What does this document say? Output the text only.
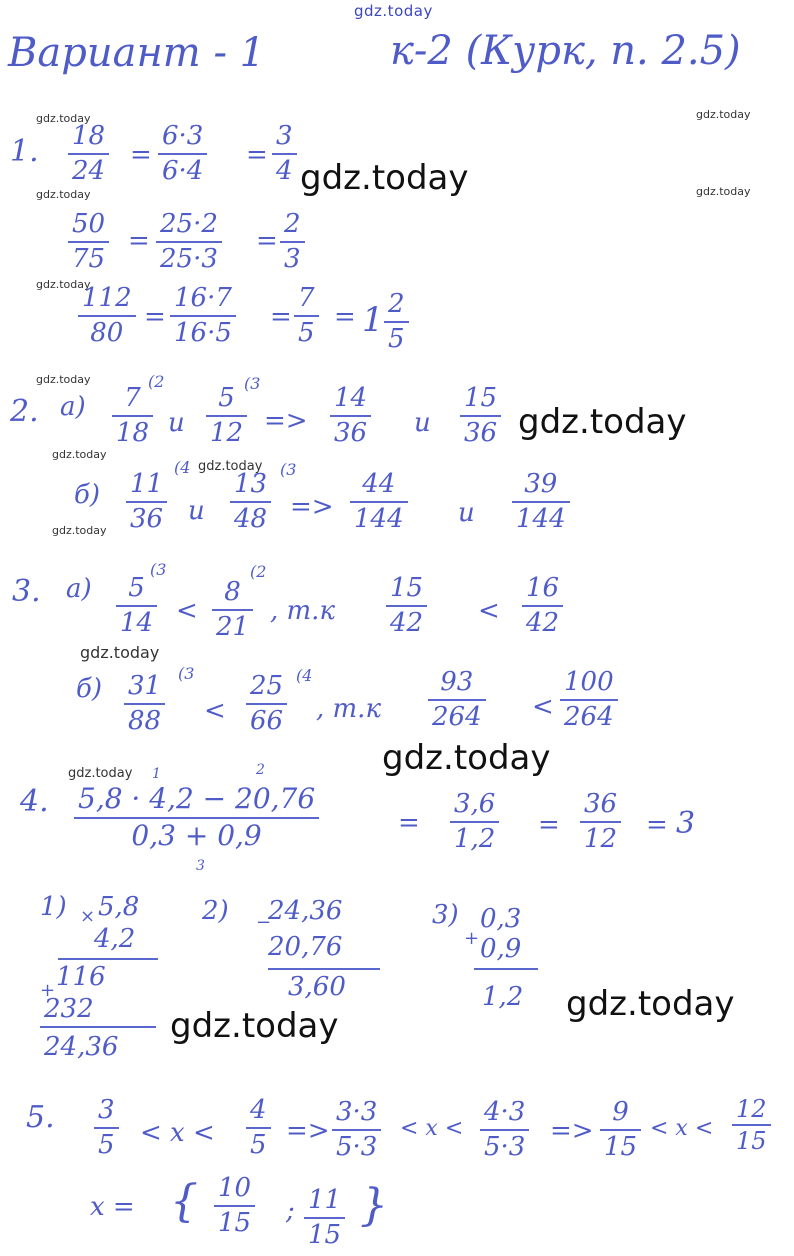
gdz.today
Вариант - 1	к-2 (Курк, п. 2.5)
gdz.today	gdz.today
gdz.today	gdz.today
gdz.today
gdz.today
gdz.today
gdz.today
gdz.today
gdz.today
gdz.today
gdz.today
gdz.today
gdz.today
gdz.today
gdz.today
1. 18
24
=
6·3
6·4
=
3
4
50
75
=
25·2
25·3
=
2
3
112
80
=
16·7
16·5
=
7
5
= 1 2
5
2. а) 7
18
(2
и
5
12
(3
=>
14
36 и
15
36
б) 11
36
(4
и
13
48
(3
=>
44
144 и
39
144
3. а) 5
14
(3
<
8
21
(2
, т.к
15
42 <
16
42
б) 31
88
(3
<
25
66
(4
, т.к
93
264 <
100
264
4.
1	2
5,8 · 4,2 − 20,76
0,3 + 0,9
3
=
3,6
1,2 =
36
12 = 3
1) × 5,8
4,2
116
+
232
24,36
2) −
24,36
20,76
3,60
3)
+
0,3
0,9
1,2
5. 3
5 < x <
4
5 =>
3·3
5·3
< x <
4·3
5·3
=>
9
15
< x <
12
15
x = { 10
15 ; 11
15
}
